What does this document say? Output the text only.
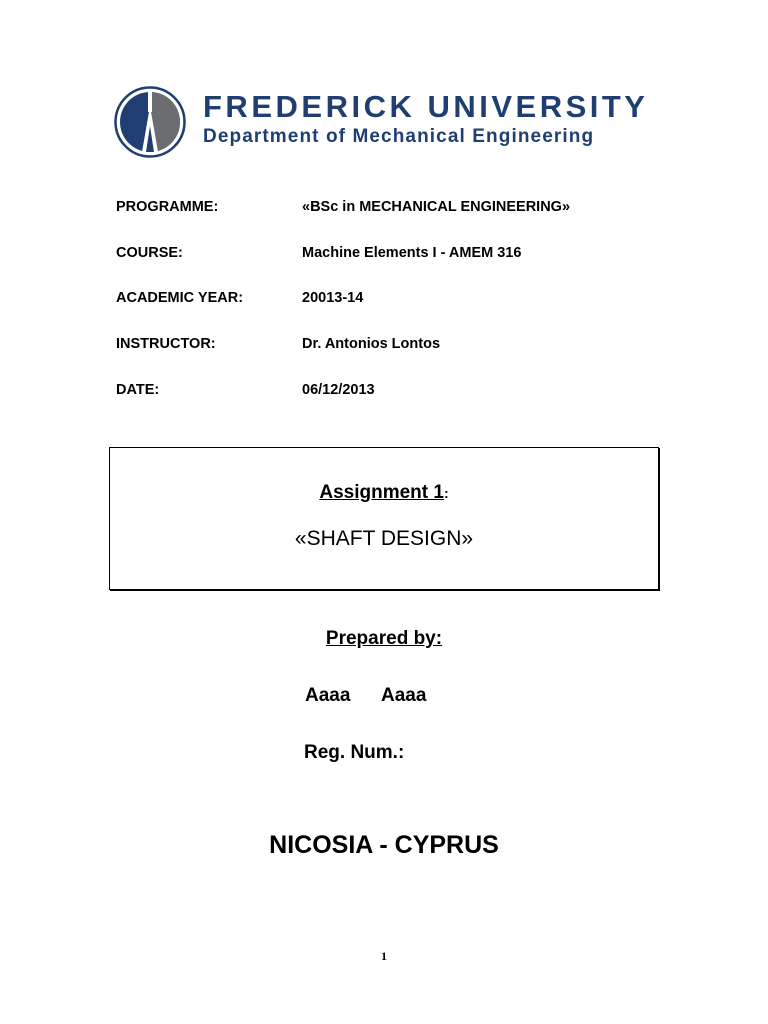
FREDERICK UNIVERSITY
Department of Mechanical Engineering
PROGRAMME:	«BSc in MECHANICAL ENGINEERING»
COURSE:	Machine Elements I - AMEM 316
ACADEMIC YEAR:	20013-14
INSTRUCTOR:	Dr. Antonios Lontos
DATE:	06/12/2013
Assignment 1:
«SHAFT DESIGN»
Prepared by:
Aaaa Aaaa
Reg. Num.:
NICOSIA - CYPRUS
1
